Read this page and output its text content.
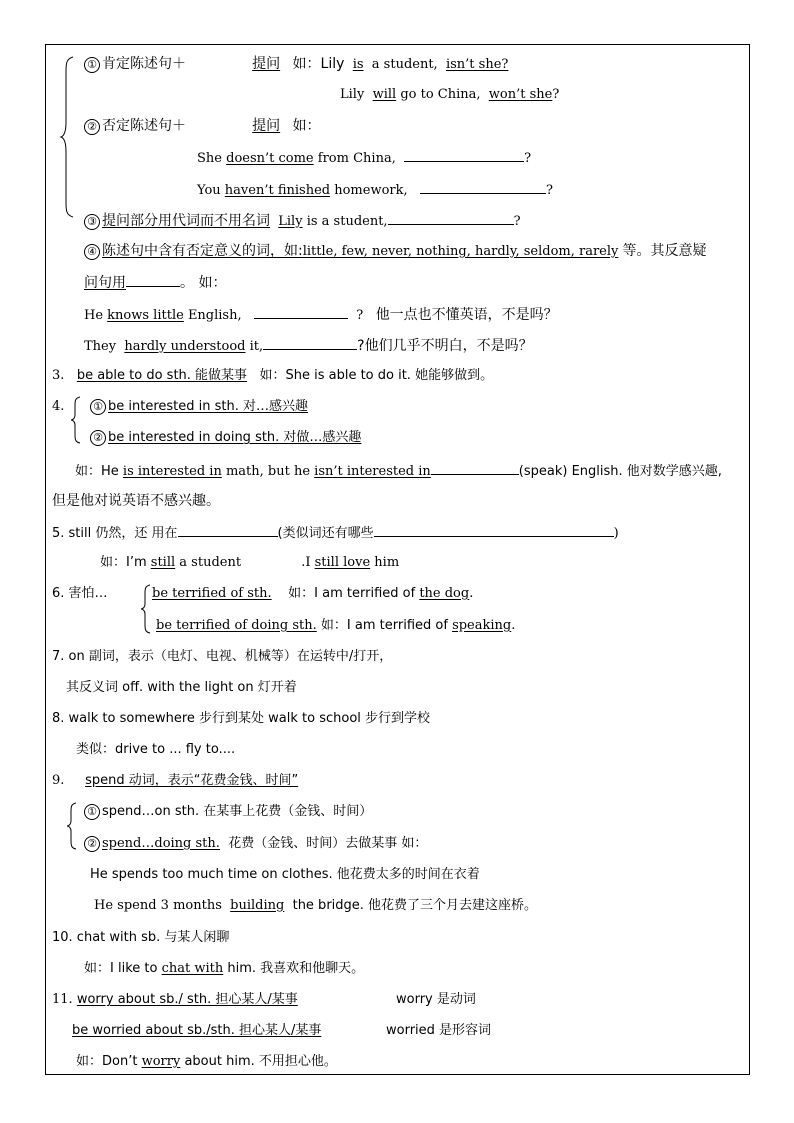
① 肯定陈述句＋	提问 如：Lily is a student, isn’t she?
Lily will go to China, won’t she?
② 否定陈述句＋	提问 如：
She doesn’t come from China,	?
You haven’t finished homework,	?
③ 提问部分用代词而不用名词 Lily is a student,	?
④ 陈述句中含有否定意义的词，如:little, few, never, nothing, hardly, seldom, rarely 等。其反意疑
问句用	。 如：
He knows little English,	? 他一点也不懂英语，不是吗？
They hardly understood it,	?他们几乎不明白，不是吗？
3. be able to do sth. 能做某事 如：She is able to do it. 她能够做到。
4.	① be interested in sth. 对…感兴趣
② be interested in doing sth. 对做…感兴趣
如：He is interested in math, but he isn’t interested in	(speak) English. 他对数学感兴趣,
但是他对说英语不感兴趣。
5. still 仍然，还 用在	(类似词还有哪些	)
如：I’m still a student	.I still love him
6. 害怕…	be terrified of sth. 如：I am terrified of the dog.
be terrified of doing sth. 如：I am terrified of speaking.
7. on 副词，表示（电灯、电视、机械等）在运转中/打开，
其反义词 off. with the light on 灯开着
8. walk to somewhere 步行到某处 walk to school 步行到学校
类似：drive to ... fly to....
9. spend 动词，表示“花费金钱、时间”
① spend…on sth. 在某事上花费（金钱、时间）
② spend…doing sth. 花费（金钱、时间）去做某事 如：
He spends too much time on clothes. 他花费太多的时间在衣着
He spend 3 months building the bridge. 他花费了三个月去建这座桥。
10. chat with sb. 与某人闲聊
如：I like to chat with him. 我喜欢和他聊天。
11. worry about sb./ sth. 担心某人/某事	worry 是动词
be worried about sb./sth. 担心某人/某事	worried 是形容词
如：Don’t worry about him. 不用担心他。
